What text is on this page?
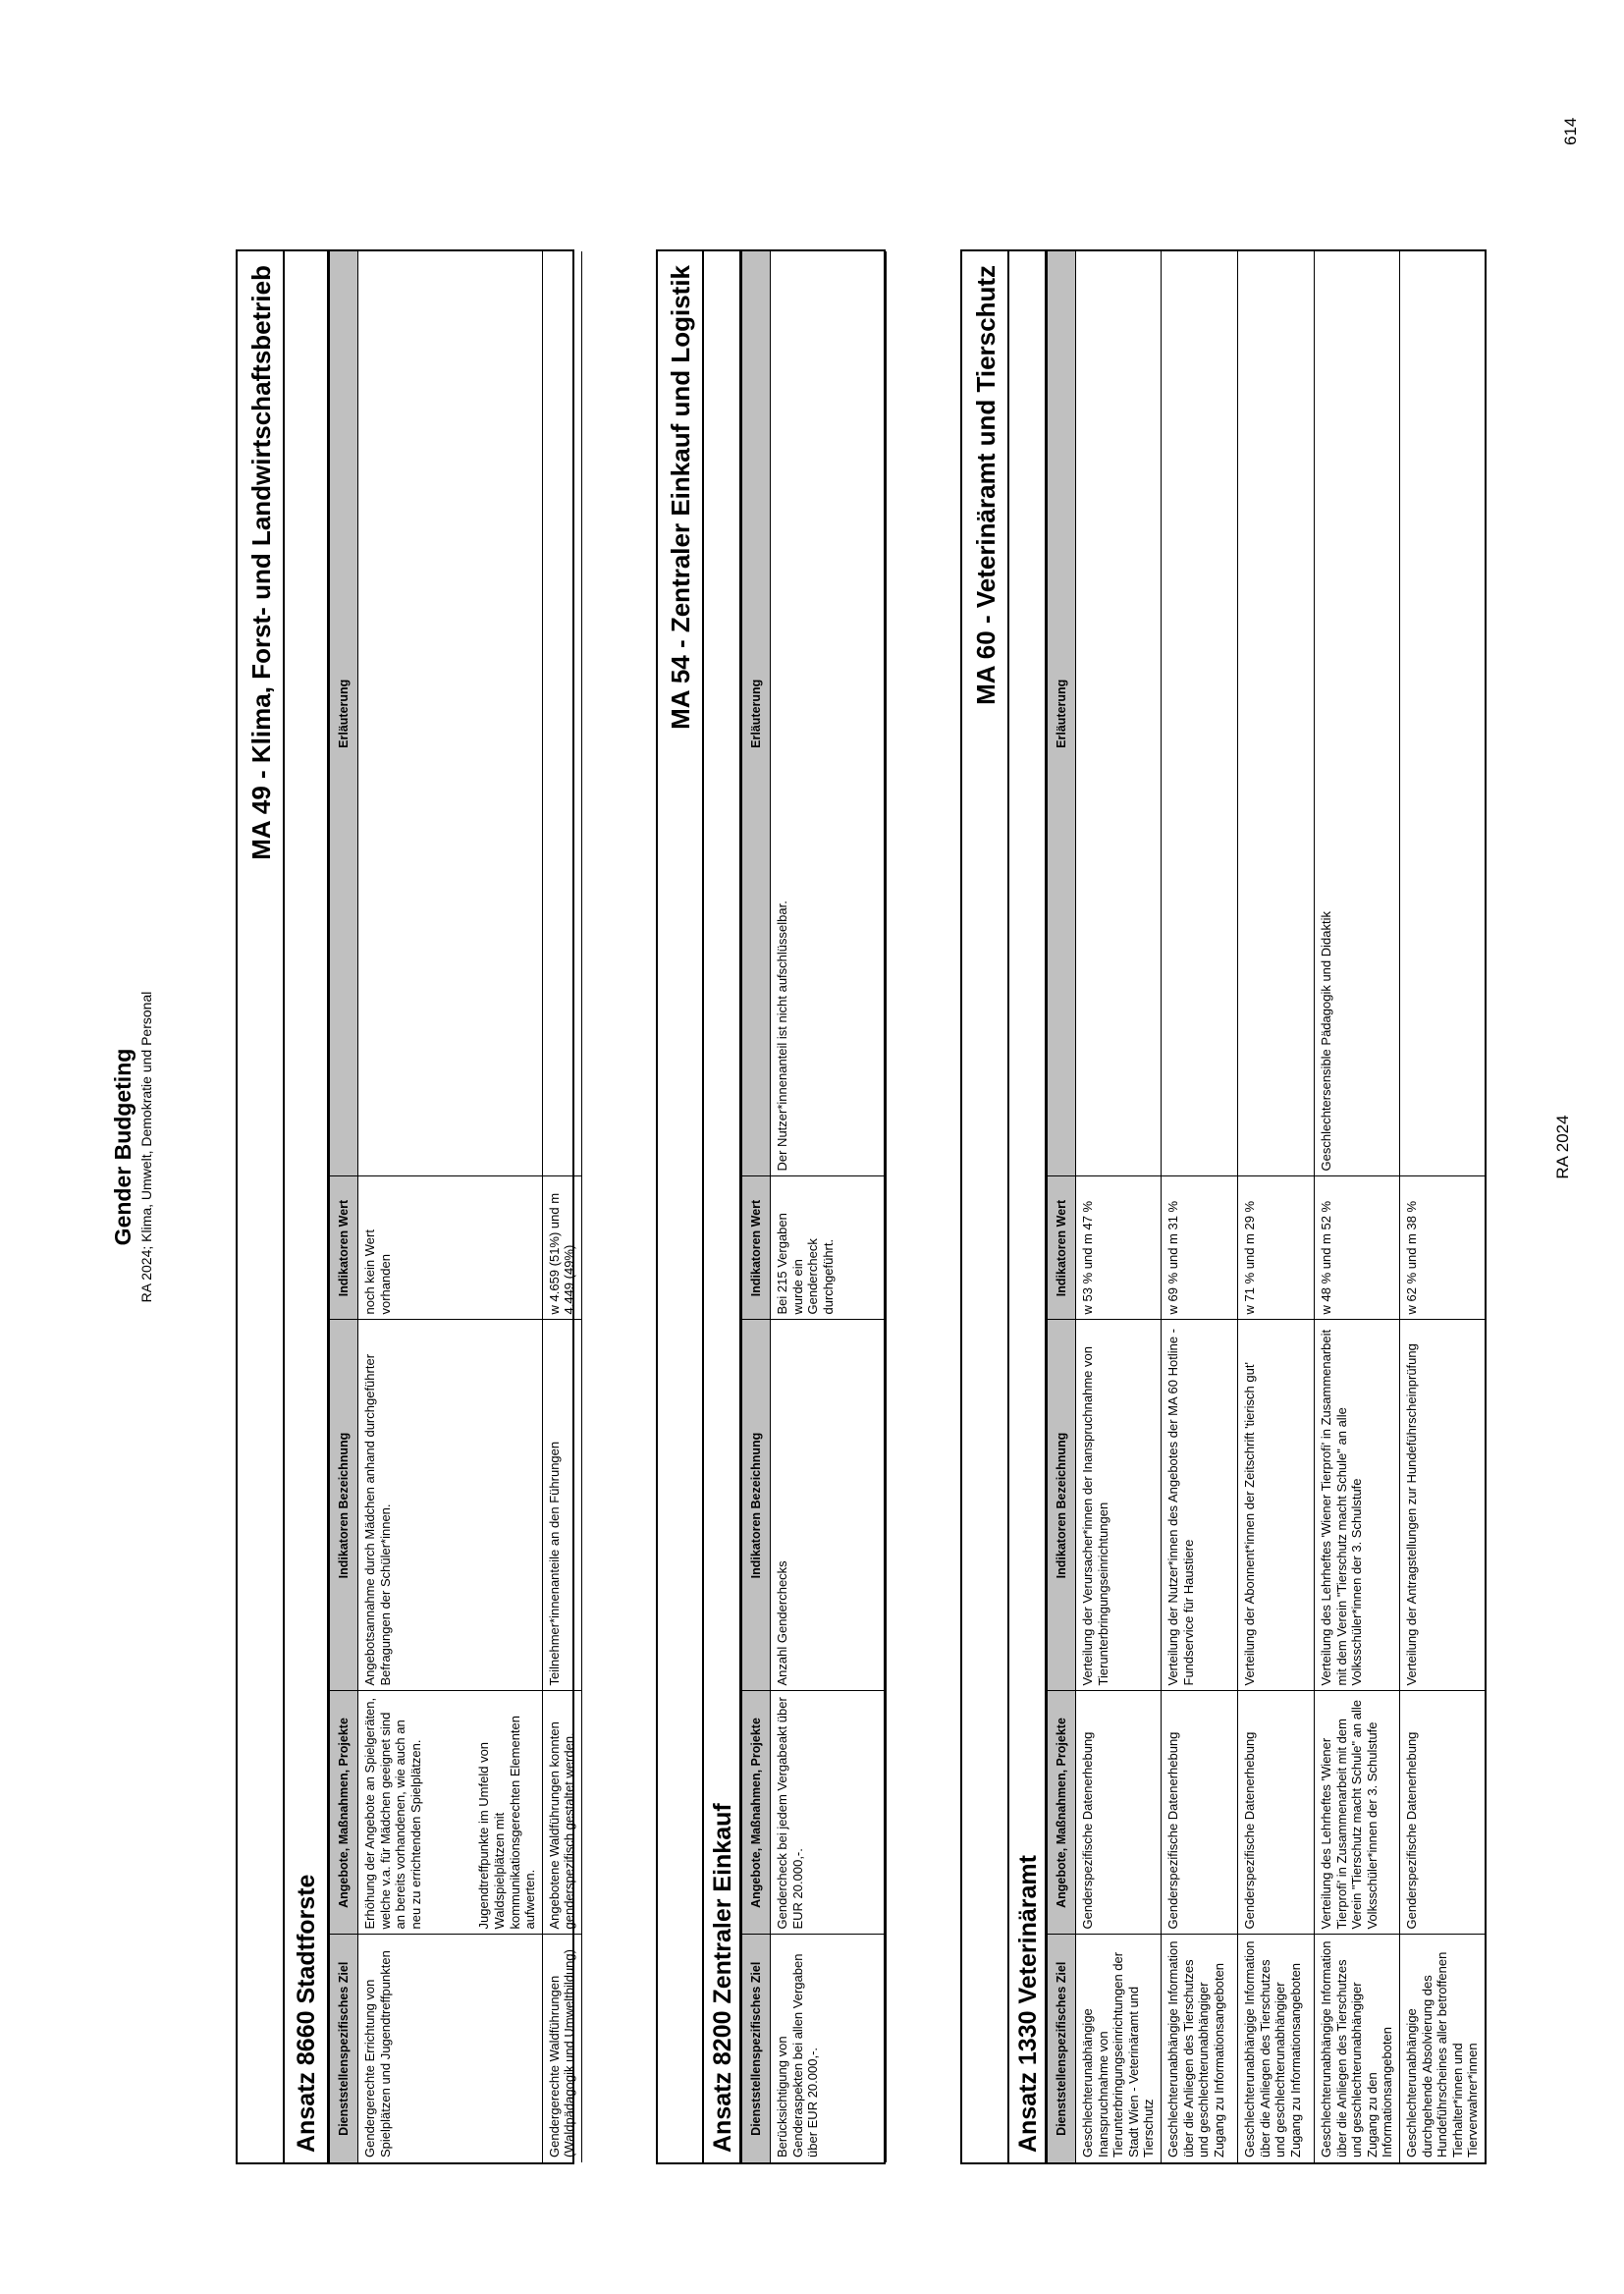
Gender Budgeting RA 2024; Klima, Umwelt, Demokratie und Personal
MA 49 - Klima, Forst- und Landwirtschaftsbetrieb
Ansatz 8660 Stadtforste	Dienststellenspezifisches Ziel	Angebote, Maßnahmen, Projekte	Indikatoren Bezeichnung	Indikatoren Wert	Erläuterung
Gendergerechte Errichtung von Spielplätzen und Jugendtreffpunkten	Erhöhung der Angebote an Spielgeräten, welche v.a. für Mädchen geeignet sind an bereits vorhandenen, wie auch an neu zu errichtenden Spielplätzen. Jugendtreffpunkte im Umfeld von Waldspielplätzen mit kommunikationsgerechten Elementen aufwerten.	Angebotsannahme durch Mädchen anhand durchgeführter Befragungen der Schüler*innen.	noch kein Wert vorhanden	
Gendergerechte Waldführungen (Waldpädagogik und Umweltbildung)	Angebotene Waldführungen konnten genderspezifisch gestaltet werden.	Teilnehmer*innenanteile an den Führungen	w 4.659 (51%) und m 4.449 (49%)	
MA 54 - Zentraler Einkauf und Logistik
Ansatz 8200 Zentraler Einkauf	Dienststellenspezifisches Ziel	Angebote, Maßnahmen, Projekte	Indikatoren Bezeichnung	Indikatoren Wert	Erläuterung
Berücksichtigung von Genderaspekten bei allen Vergaben über EUR 20.000,-.	Gendercheck bei jedem Vergabeakt über EUR 20.000,-.	Anzahl Genderchecks	Bei 215 Vergaben wurde ein Gendercheck durchgeführt.	Der Nutzer*innenanteil ist nicht aufschlüsselbar.
MA 60 - Veterinäramt und Tierschutz
Ansatz 1330 Veterinäramt	Dienststellenspezifisches Ziel	Angebote, Maßnahmen, Projekte	Indikatoren Bezeichnung	Indikatoren Wert	Erläuterung
Geschlechterunabhängige Inanspruchnahme von Tierunterbringungseinrichtungen der Stadt Wien - Veterinäramt und Tierschutz	Genderspezifische Datenerhebung	Verteilung der Verursacher*innen der Inanspruchnahme von Tierunterbringungseinrichtungen	w 53 % und m 47 %	
Geschlechterunabhängige Information über die Anliegen des Tierschutzes und geschlechterunabhängiger Zugang zu Informationsangeboten	Genderspezifische Datenerhebung	Verteilung der Nutzer*innen des Angebotes der MA 60 Hotline - Fundservice für Haustiere	w 69 % und m 31 %	
Geschlechterunabhängige Information über die Anliegen des Tierschutzes und geschlechterunabhängiger Zugang zu Informationsangeboten	Genderspezifische Datenerhebung	Verteilung der Abonnent*innen der Zeitschrift 'tierisch gut'	w 71 % und m 29 %	
Geschlechterunabhängige Information über die Anliegen des Tierschutzes und geschlechterunabhängiger Zugang zu den Informationsangeboten	Verteilung des Lehrheftes 'Wiener Tierprofi' in Zusammenarbeit mit dem Verein "Tierschutz macht Schule" an alle Volksschüler*innen der 3. Schulstufe	Verteilung des Lehrheftes 'Wiener Tierprofi' in Zusammenarbeit mit dem Verein "Tierschutz macht Schule" an alle Volksschüler*innen der 3. Schulstufe	w 48 % und m 52 %	Geschlechtersensible Pädagogik und Didaktik
Geschlechterunabhängige durchgehende Absolvierung des Hundeführscheines aller betroffenen Tierhalter*innen und Tierverwahrer*innen	Genderspezifische Datenerhebung	Verteilung der Antragstellungen zur Hundeführscheinprüfung	w 62 % und m 38 %	
RA 2024
614
